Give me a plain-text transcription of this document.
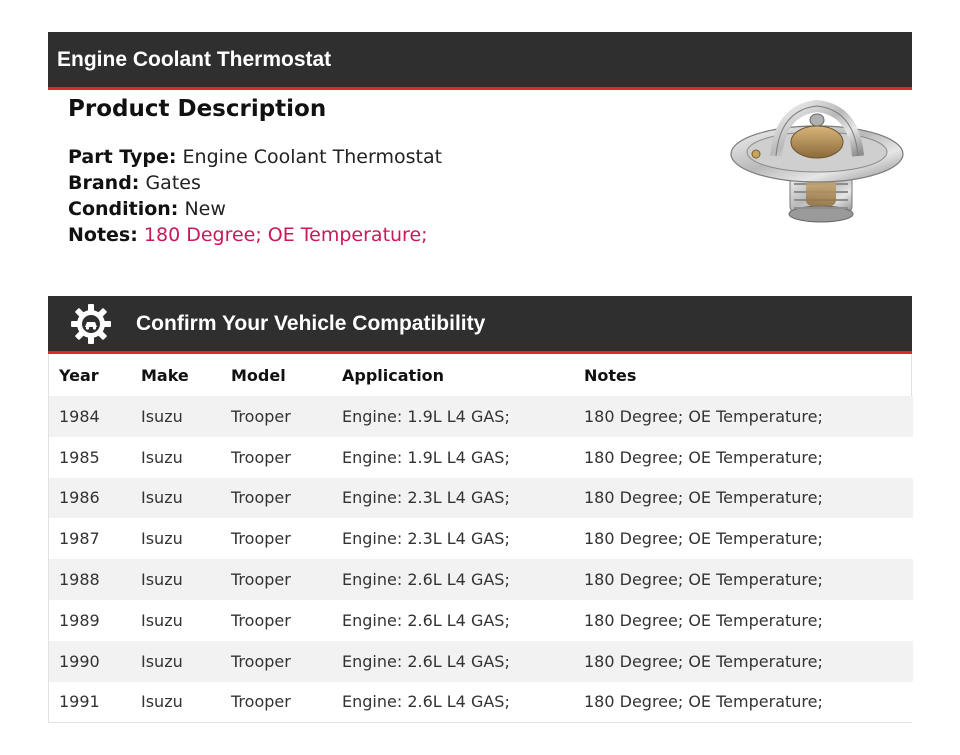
Engine Coolant Thermostat
Product Description
Part Type: Engine Coolant Thermostat
Brand: Gates
Condition: New
Notes: 180 Degree; OE Temperature;
Confirm Your Vehicle Compatibility
Year	Make	Model	Application	Notes
1984	Isuzu	Trooper	Engine: 1.9L L4 GAS;	180 Degree; OE Temperature;
1985	Isuzu	Trooper	Engine: 1.9L L4 GAS;	180 Degree; OE Temperature;
1986	Isuzu	Trooper	Engine: 2.3L L4 GAS;	180 Degree; OE Temperature;
1987	Isuzu	Trooper	Engine: 2.3L L4 GAS;	180 Degree; OE Temperature;
1988	Isuzu	Trooper	Engine: 2.6L L4 GAS;	180 Degree; OE Temperature;
1989	Isuzu	Trooper	Engine: 2.6L L4 GAS;	180 Degree; OE Temperature;
1990	Isuzu	Trooper	Engine: 2.6L L4 GAS;	180 Degree; OE Temperature;
1991	Isuzu	Trooper	Engine: 2.6L L4 GAS;	180 Degree; OE Temperature;
